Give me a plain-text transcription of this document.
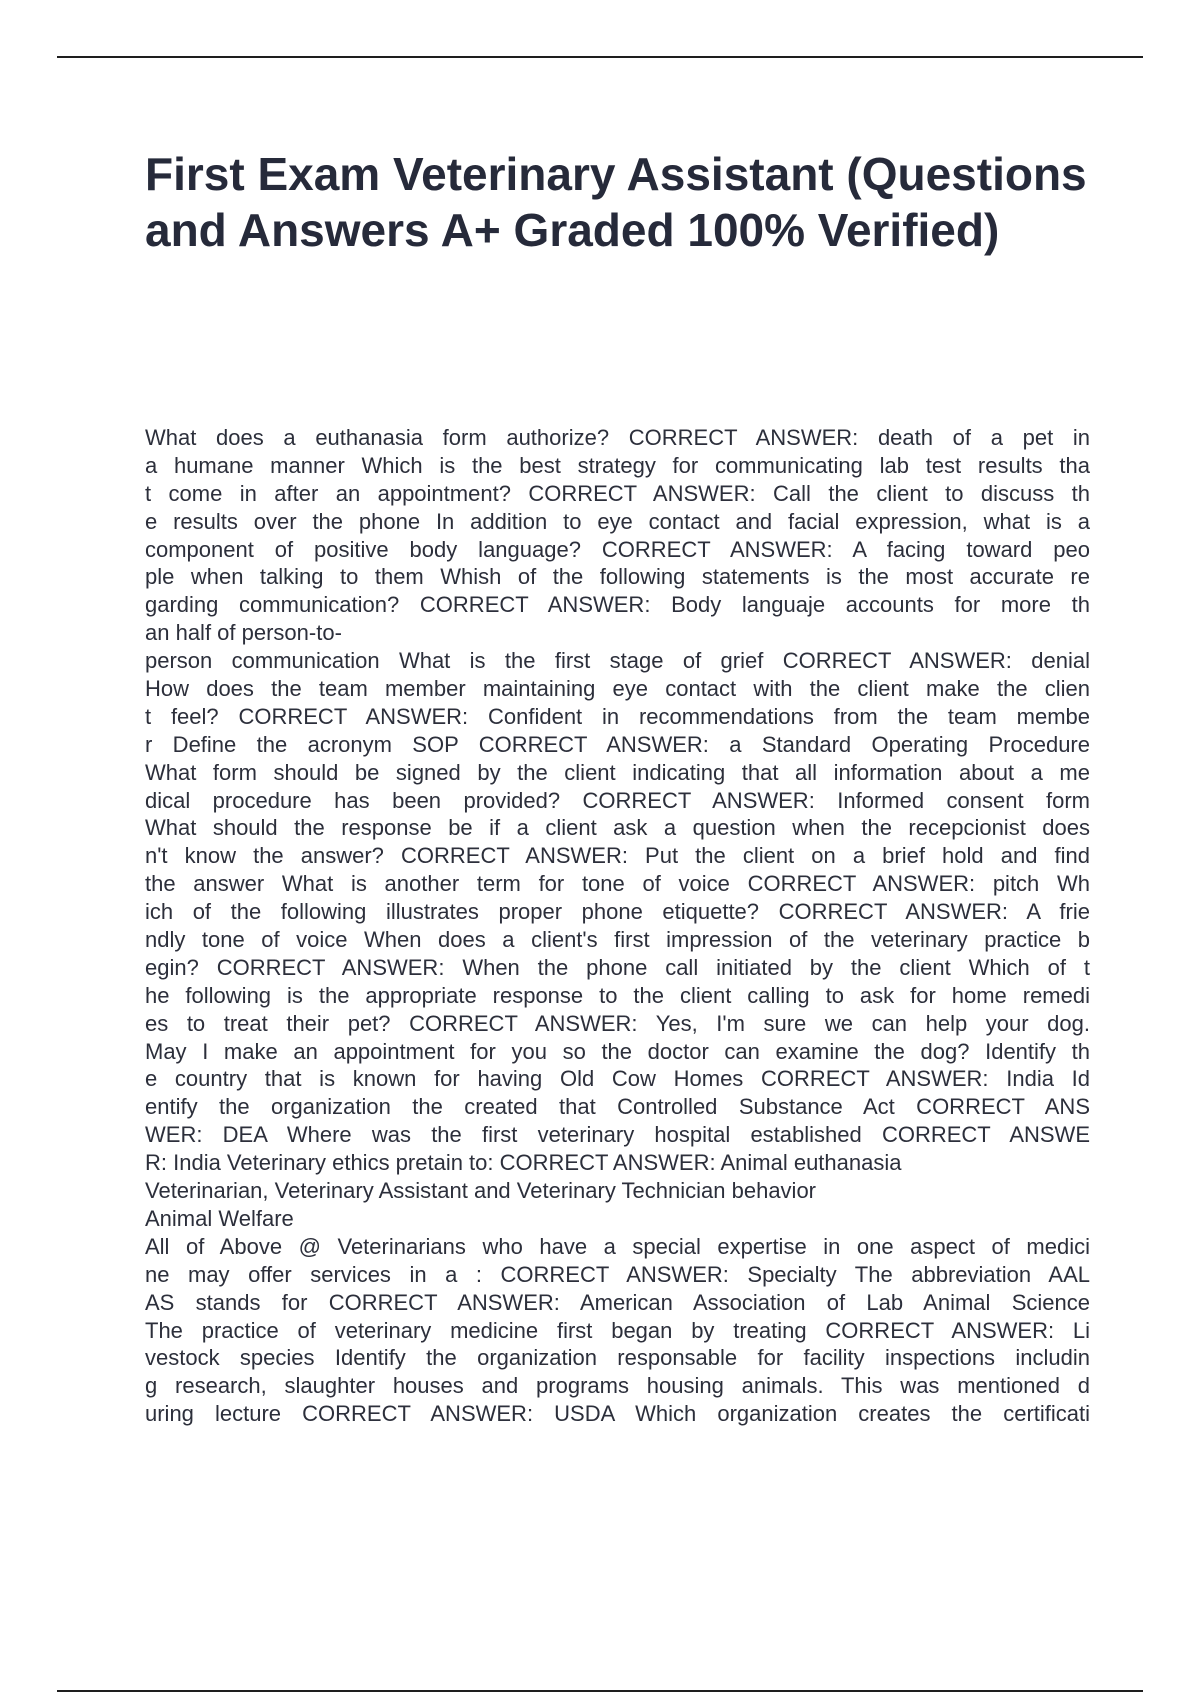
First Exam Veterinary Assistant (Questions and Answers A+ Graded 100% Verified)
What does a euthanasia form authorize? CORRECT ANSWER: death of a pet in
a humane manner Which is the best strategy for communicating lab test results tha
t come in after an appointment? CORRECT ANSWER: Call the client to discuss th
e results over the phone In addition to eye contact and facial expression, what is a
component of positive body language? CORRECT ANSWER: A facing toward peo
ple when talking to them Whish of the following statements is the most accurate re
garding communication? CORRECT ANSWER: Body languaje accounts for more th
an half of person-to-
person communication What is the first stage of grief CORRECT ANSWER: denial
How does the team member maintaining eye contact with the client make the clien
t feel? CORRECT ANSWER: Confident in recommendations from the team membe
r Define the acronym SOP CORRECT ANSWER: a Standard Operating Procedure
What form should be signed by the client indicating that all information about a me
dical procedure has been provided? CORRECT ANSWER: Informed consent form
What should the response be if a client ask a question when the recepcionist does
n't know the answer? CORRECT ANSWER: Put the client on a brief hold and find
the answer What is another term for tone of voice CORRECT ANSWER: pitch Wh
ich of the following illustrates proper phone etiquette? CORRECT ANSWER: A frie
ndly tone of voice When does a client's first impression of the veterinary practice b
egin? CORRECT ANSWER: When the phone call initiated by the client Which of t
he following is the appropriate response to the client calling to ask for home remedi
es to treat their pet? CORRECT ANSWER: Yes, I'm sure we can help your dog.
May I make an appointment for you so the doctor can examine the dog? Identify th
e country that is known for having Old Cow Homes CORRECT ANSWER: India Id
entify the organization the created that Controlled Substance Act CORRECT ANS
WER: DEA Where was the first veterinary hospital established CORRECT ANSWE
R: India Veterinary ethics pretain to: CORRECT ANSWER: Animal euthanasia
Veterinarian, Veterinary Assistant and Veterinary Technician behavior
Animal Welfare
All of Above @ Veterinarians who have a special expertise in one aspect of medici
ne may offer services in a : CORRECT ANSWER: Specialty The abbreviation AAL
AS stands for CORRECT ANSWER: American Association of Lab Animal Science
The practice of veterinary medicine first began by treating CORRECT ANSWER: Li
vestock species Identify the organization responsable for facility inspections includin
g research, slaughter houses and programs housing animals. This was mentioned d
uring lecture CORRECT ANSWER: USDA Which organization creates the certificati
